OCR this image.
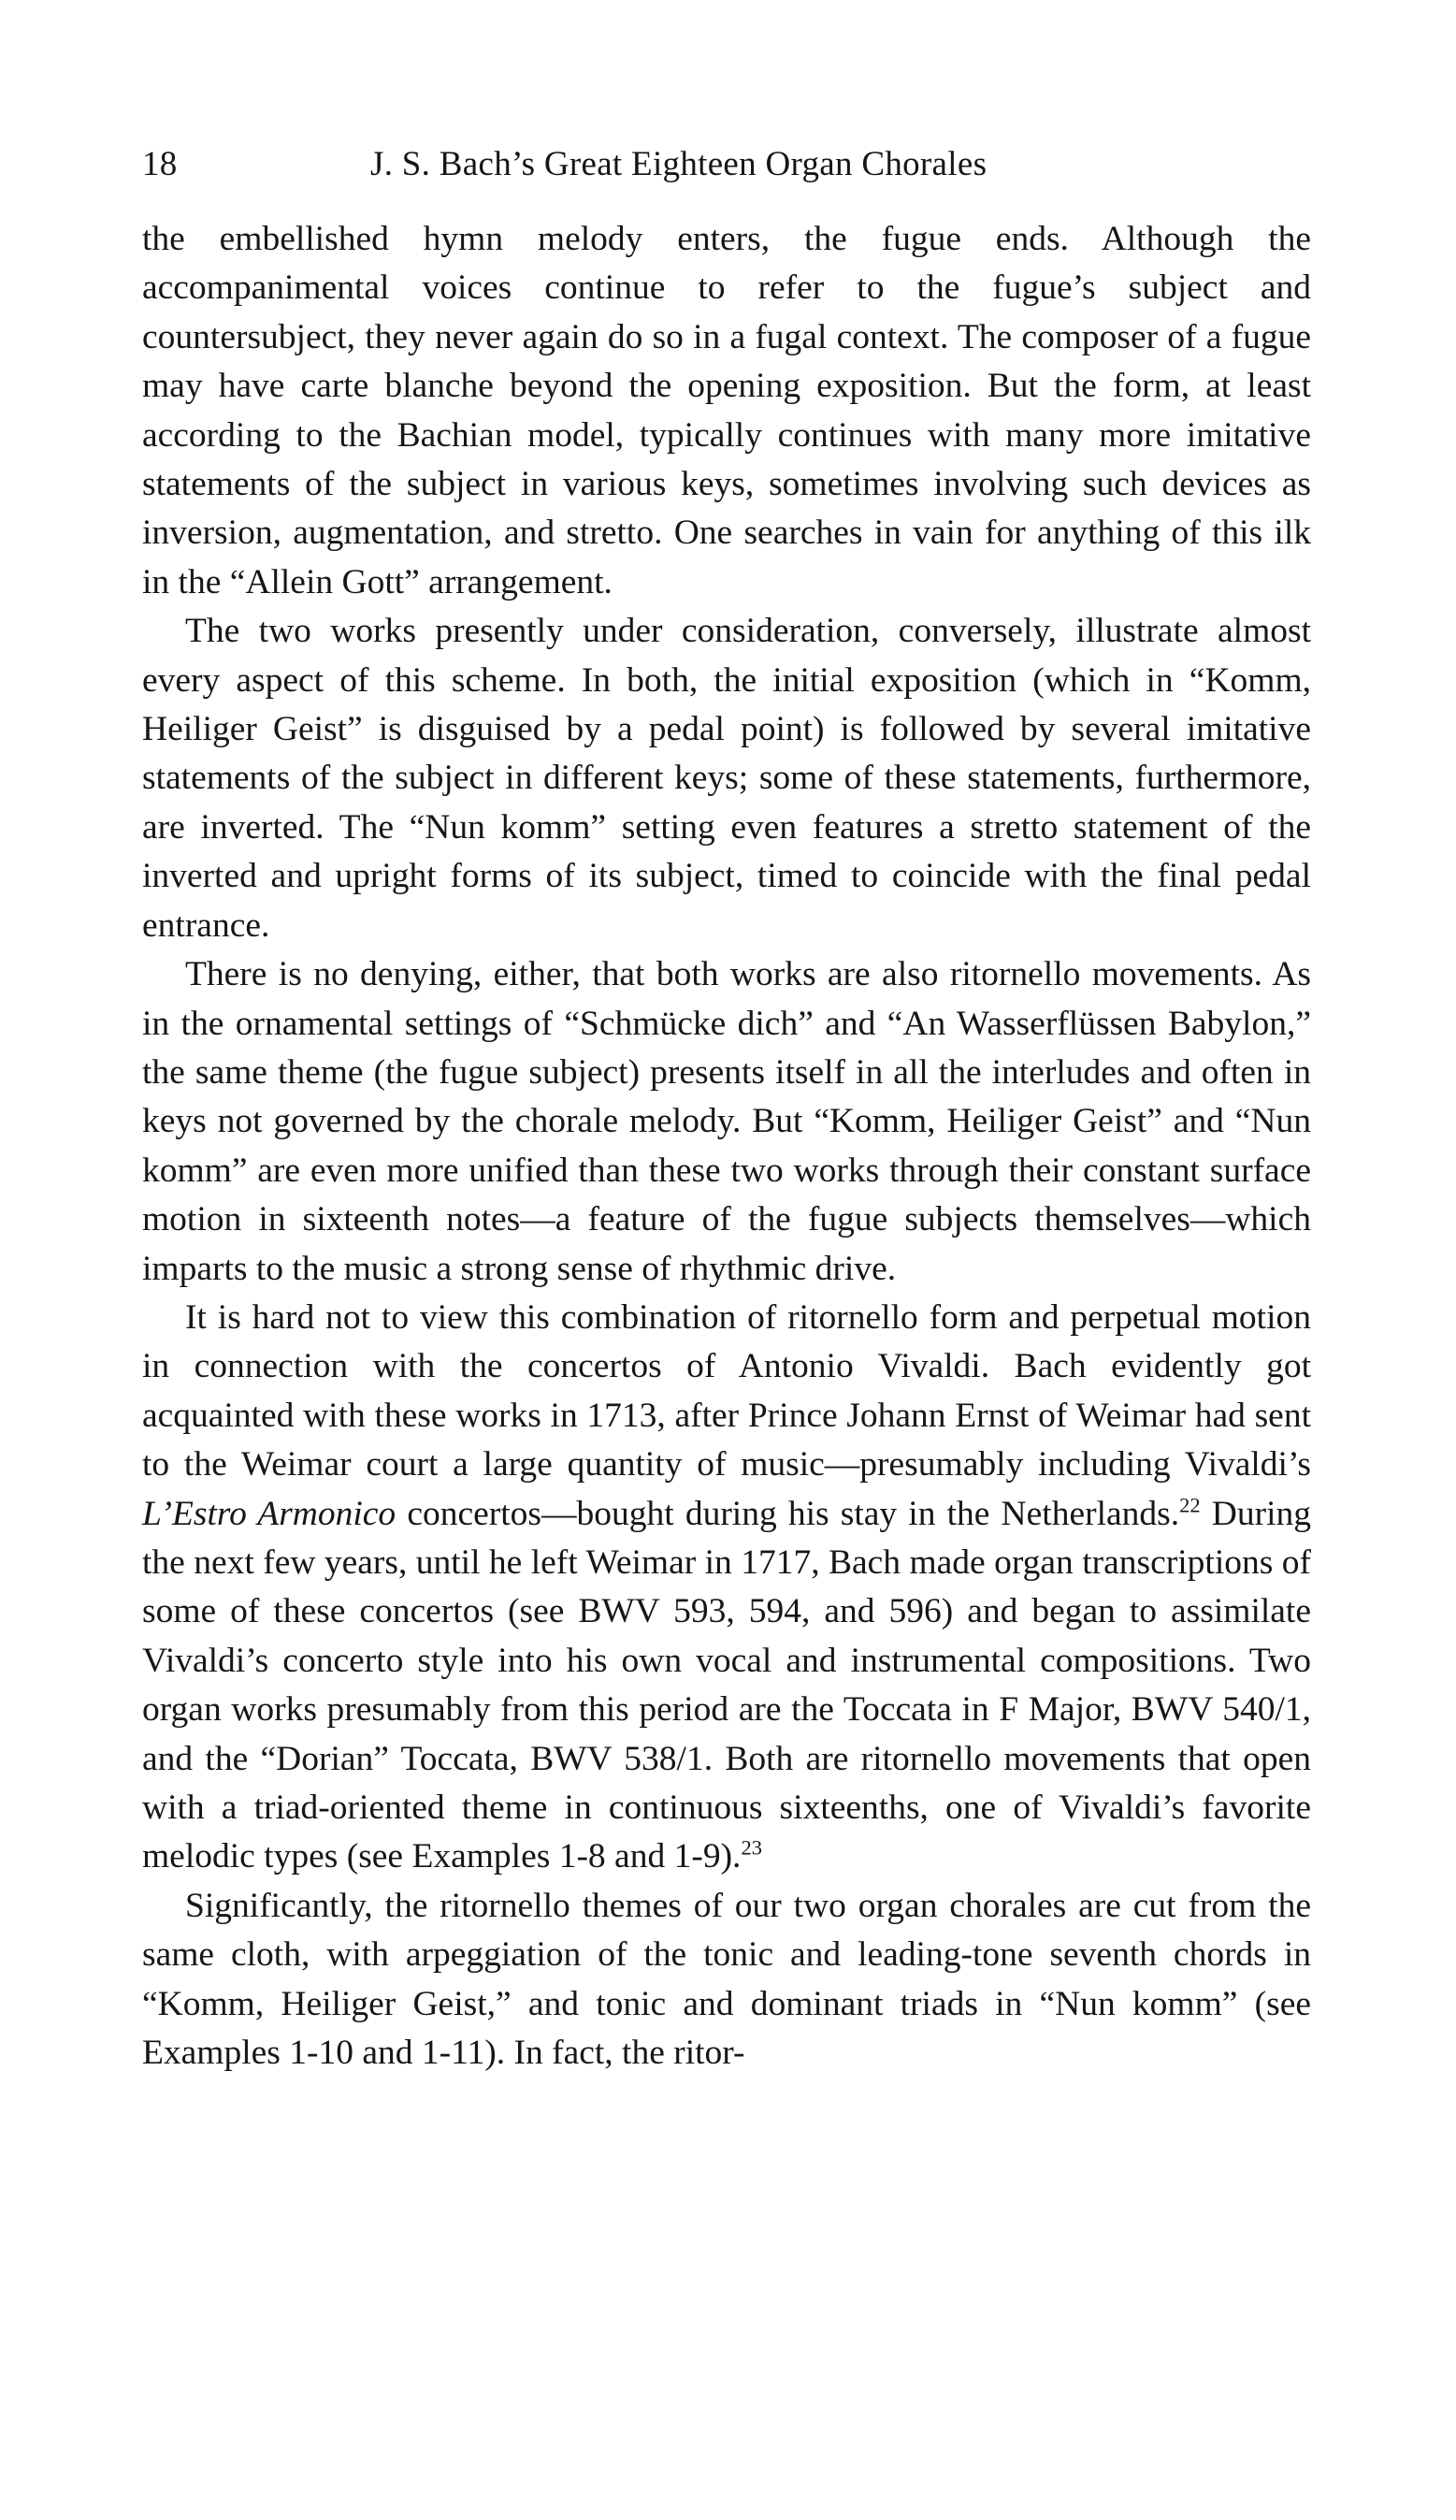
18	J. S. Bach’s Great Eighteen Organ Chorales

the embellished hymn melody enters, the fugue ends. Although the accompanimental voices continue to refer to the fugue’s subject and countersubject, they never again do so in a fugal context. The composer of a fugue may have carte blanche beyond the opening exposition. But the form, at least according to the Bachian model, typically continues with many more imitative statements of the subject in various keys, sometimes involving such devices as inversion, augmentation, and stretto. One searches in vain for anything of this ilk in the “Allein Gott” arrangement.

The two works presently under consideration, conversely, illustrate almost every aspect of this scheme. In both, the initial exposition (which in “Komm, Heiliger Geist” is disguised by a pedal point) is followed by several imitative statements of the subject in different keys; some of these statements, furthermore, are inverted. The “Nun komm” setting even features a stretto statement of the inverted and upright forms of its subject, timed to coincide with the final pedal entrance.

There is no denying, either, that both works are also ritornello movements. As in the ornamental settings of “Schmücke dich” and “An Wasserflüssen Babylon,” the same theme (the fugue subject) presents itself in all the interludes and often in keys not governed by the chorale melody. But “Komm, Heiliger Geist” and “Nun komm” are even more unified than these two works through their constant surface motion in sixteenth notes—a feature of the fugue subjects themselves—which imparts to the music a strong sense of rhythmic drive.

It is hard not to view this combination of ritornello form and perpetual motion in connection with the concertos of Antonio Vivaldi. Bach evidently got acquainted with these works in 1713, after Prince Johann Ernst of Weimar had sent to the Weimar court a large quantity of music—presumably including Vivaldi’s L’Estro Armonico concertos—bought during his stay in the Netherlands.$^{22}$ During the next few years, until he left Weimar in 1717, Bach made organ transcriptions of some of these concertos (see BWV 593, 594, and 596) and began to assimilate Vivaldi’s concerto style into his own vocal and instrumental compositions. Two organ works presumably from this period are the Toccata in F Major, BWV 540/1, and the “Dorian” Toccata, BWV 538/1. Both are ritornello movements that open with a triad-oriented theme in continuous sixteenths, one of Vivaldi’s favorite melodic types (see Examples 1-8 and 1-9).$^{23}$

Significantly, the ritornello themes of our two organ chorales are cut from the same cloth, with arpeggiation of the tonic and leading-tone seventh chords in “Komm, Heiliger Geist,” and tonic and dominant triads in “Nun komm” (see Examples 1-10 and 1-11). In fact, the ritor-
